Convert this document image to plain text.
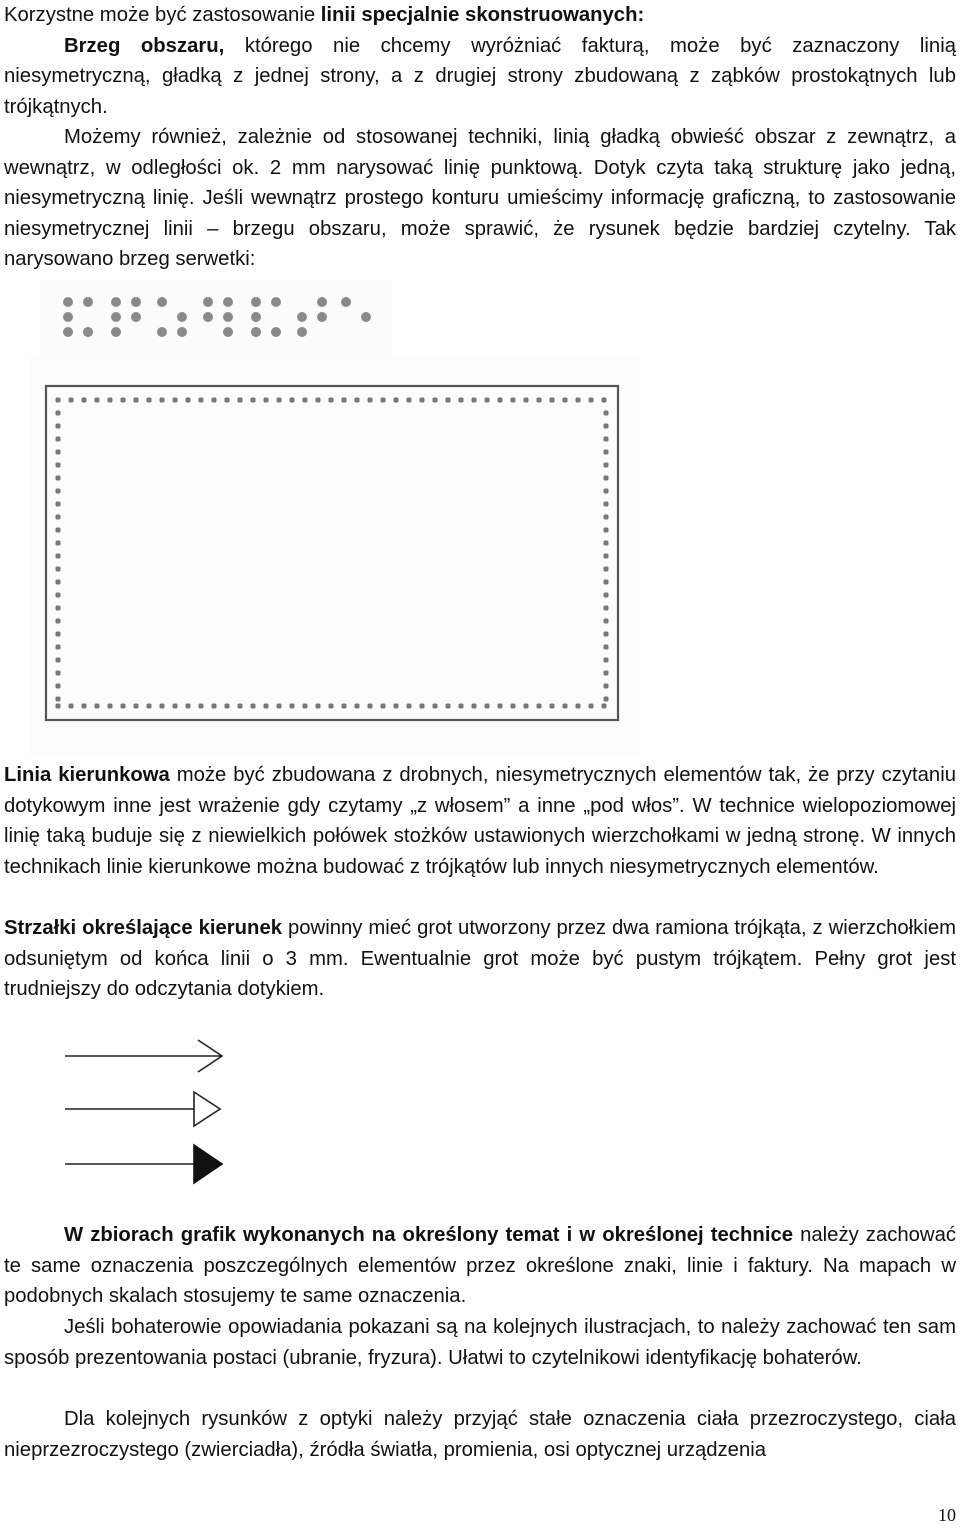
Korzystne może być zastosowanie linii specjalnie skonstruowanych:

Brzeg obszaru, którego nie chcemy wyróżniać fakturą, może być zaznaczony linią niesymetryczną, gładką z jednej strony, a z drugiej strony zbudowaną z ząbków prostokątnych lub trójkątnych.

Możemy również, zależnie od stosowanej techniki, linią gładką obwieść obszar z zewnątrz, a wewnątrz, w odległości ok. 2 mm narysować linię punktową. Dotyk czyta taką strukturę jako jedną, niesymetryczną linię. Jeśli wewnątrz prostego konturu umieścimy informację graficzną, to zastosowanie niesymetrycznej linii – brzegu obszaru, może sprawić, że rysunek będzie bardziej czytelny. Tak narysowano brzeg serwetki:

Linia kierunkowa może być zbudowana z drobnych, niesymetrycznych elementów tak, że przy czytaniu dotykowym inne jest wrażenie gdy czytamy „z włosem” a inne „pod włos”. W technice wielopoziomowej linię taką buduje się z niewielkich połówek stożków ustawionych wierzchołkami w jedną stronę. W innych technikach linie kierunkowe można budować z trójkątów lub innych niesymetrycznych elementów.

Strzałki określające kierunek powinny mieć grot utworzony przez dwa ramiona trójkąta, z wierzchołkiem odsuniętym od końca linii o 3 mm. Ewentualnie grot może być pustym trójkątem. Pełny grot jest trudniejszy do odczytania dotykiem.

W zbiorach grafik wykonanych na określony temat i w określonej technice należy zachować te same oznaczenia poszczególnych elementów przez określone znaki, linie i faktury. Na mapach w podobnych skalach stosujemy te same oznaczenia.

Jeśli bohaterowie opowiadania pokazani są na kolejnych ilustracjach, to należy zachować ten sam sposób prezentowania postaci (ubranie, fryzura). Ułatwi to czytelnikowi identyfikację bohaterów.

Dla kolejnych rysunków z optyki należy przyjąć stałe oznaczenia ciała przezroczystego, ciała nieprzezroczystego (zwierciadła), źródła światła, promienia, osi optycznej urządzenia

10
